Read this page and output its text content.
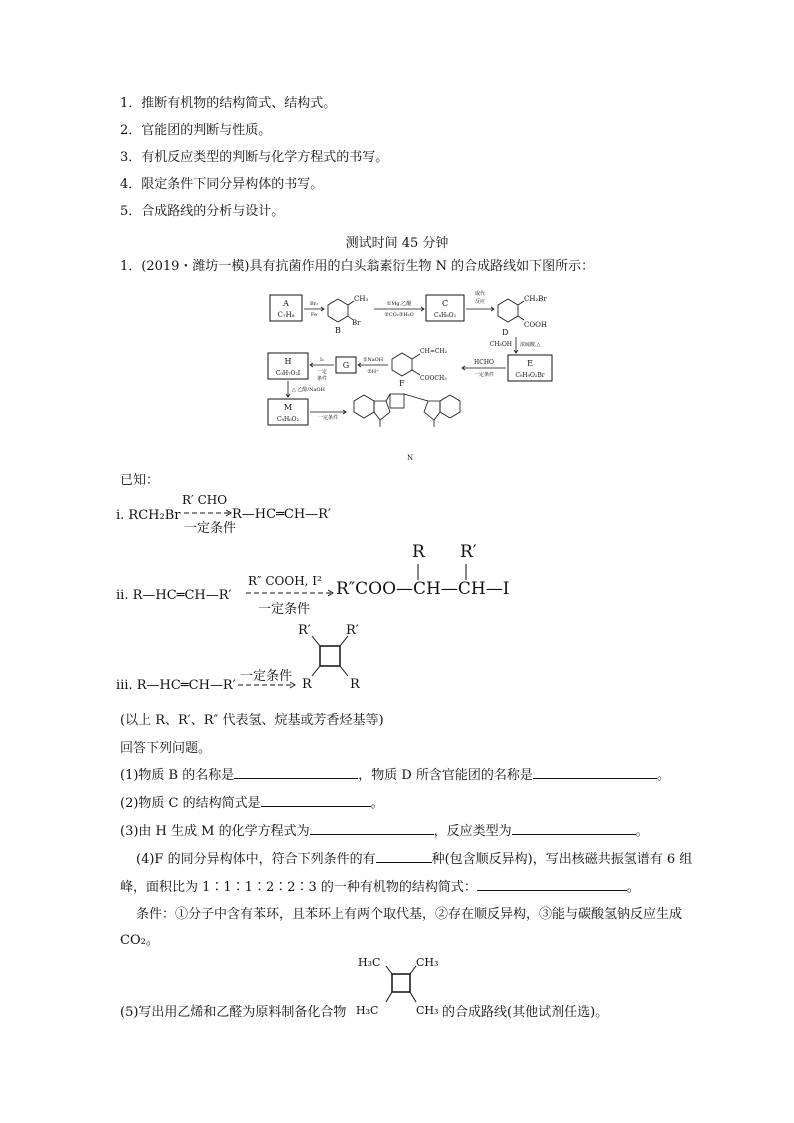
1．推断有机物的结构简式、结构式。
2．官能团的判断与性质。
3．有机反应类型的判断与化学方程式的书写。
4．限定条件下同分异构体的书写。
5．合成路线的分析与设计。
测试时间 45 分钟
1．(2019・潍坊一模)具有抗菌作用的白头翁素衍生物 N 的合成路线如下图所示：
A
C₇H₈
Br₂
Fe
CH₃
Br
B
①Mg,乙醚
②CO₂③H₂O
C
C₈H₈O₂
取代
反应	CH₂Br
COOH
D
CH₃OH 浓硫酸,△
E
C₉H₉O₂Br
HCHO
一定条件
CH=CH₂
COOCH₃
F
①NaOH
②H⁺
G
I₂
一定
条件
H
C₉H₇O₂I
△ 乙醇/NaOH
M
C₉H₆O₂	一定条件
N
已知：
ⅰ. RCH₂Br
R′ CHO
一定条件
R—HC═CH—R′
ⅱ. R—HC═CH—R′
R″ COOH, I²
一定条件
R″COO—CH—CH—I
R R′
ⅲ. R—HC═CH—R′
一定条件
R′	R′
R	R
(以上 R、R′、R″ 代表氢、烷基或芳香烃基等)
回答下列问题。
(1)物质 B 的名称是	，物质 D 所含官能团的名称是	。
(2)物质 C 的结构简式是	。
(3)由 H 生成 M 的化学方程式为	，反应类型为	。
(4)F 的同分异构体中，符合下列条件的有	种(包含顺反异构)，写出核磁共振氢谱有 6 组
峰，面积比为 1∶1∶1∶2∶2∶3 的一种有机物的结构简式：	。
条件：①分子中含有苯环，且苯环上有两个取代基，②存在顺反异构，③能与碳酸氢钠反应生成
CO₂。
H₃C	CH₃
H₃C	CH₃
(5)写出用乙烯和乙醛为原料制备化合物	的合成路线(其他试剂任选)。
